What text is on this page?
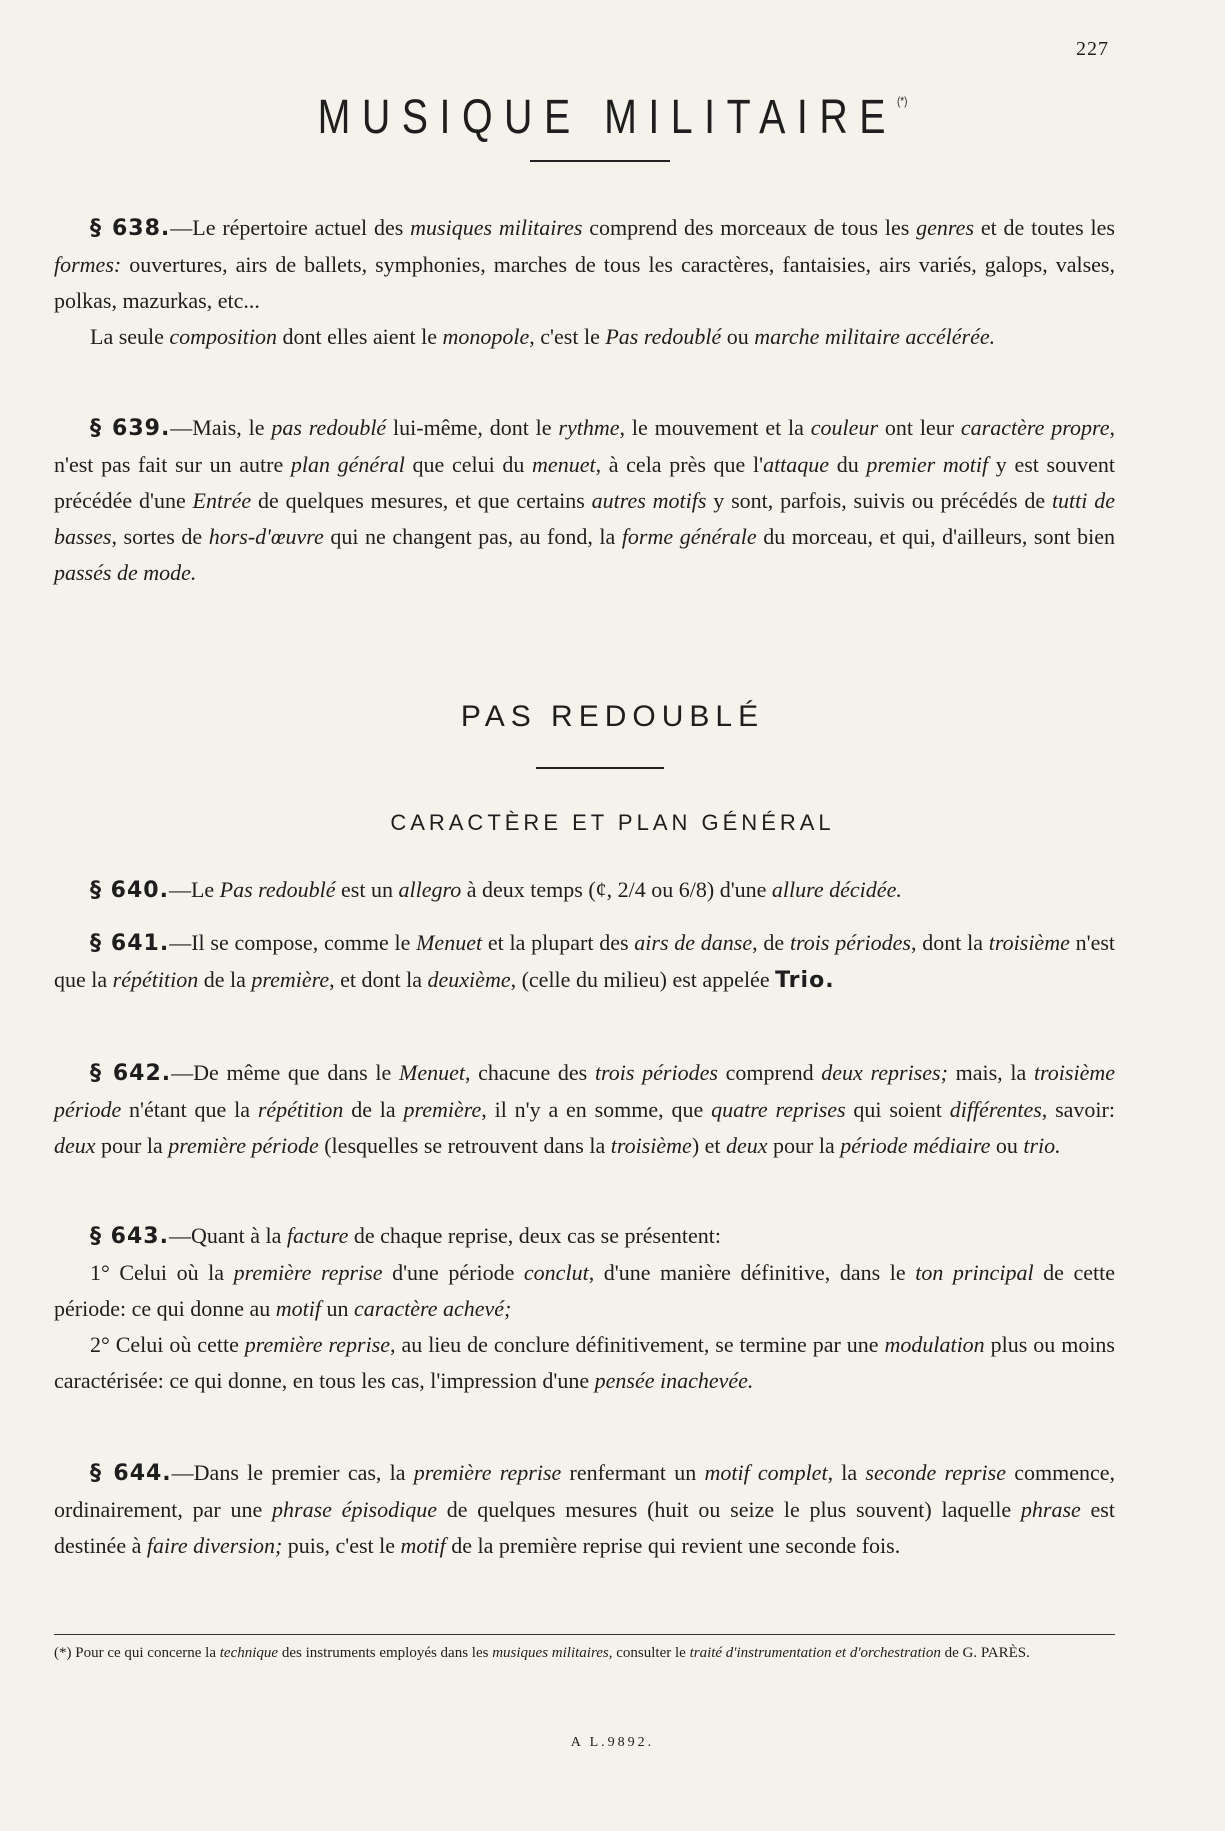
227
MUSIQUE MILITAIRE(*)
§ 638.—Le répertoire actuel des musiques militaires comprend des morceaux de tous les genres et de toutes les formes: ouvertures, airs de ballets, symphonies, marches de tous les caractères, fantaisies, airs variés, galops, valses, polkas, mazurkas, etc...
La seule composition dont elles aient le monopole, c'est le Pas redoublé ou marche militaire accélérée.
§ 639.—Mais, le pas redoublé lui-même, dont le rythme, le mouvement et la couleur ont leur caractère propre, n'est pas fait sur un autre plan général que celui du menuet, à cela près que l'attaque du premier motif y est souvent précédée d'une Entrée de quelques mesures, et que certains autres motifs y sont, parfois, suivis ou précédés de tutti de basses, sortes de hors-d'œuvre qui ne changent pas, au fond, la forme générale du morceau, et qui, d'ailleurs, sont bien passés de mode.
PAS REDOUBLÉ
CARACTÈRE ET PLAN GÉNÉRAL
§ 640.—Le Pas redoublé est un allegro à deux temps (¢, 2/4 ou 6/8) d'une allure décidée.
§ 641.—Il se compose, comme le Menuet et la plupart des airs de danse, de trois périodes, dont la troisième n'est que la répétition de la première, et dont la deuxième, (celle du milieu) est appelée Trio.
§ 642.—De même que dans le Menuet, chacune des trois périodes comprend deux reprises; mais, la troisième période n'étant que la répétition de la première, il n'y a en somme, que quatre reprises qui soient différentes, savoir: deux pour la première période (lesquelles se retrouvent dans la troisième) et deux pour la période médiaire ou trio.
§ 643.—Quant à la facture de chaque reprise, deux cas se présentent:
1° Celui où la première reprise d'une période conclut, d'une manière définitive, dans le ton principal de cette période: ce qui donne au motif un caractère achevé;
2° Celui où cette première reprise, au lieu de conclure définitivement, se termine par une modulation plus ou moins caractérisée: ce qui donne, en tous les cas, l'impression d'une pensée inachevée.
§ 644.—Dans le premier cas, la première reprise renfermant un motif complet, la seconde reprise commence, ordinairement, par une phrase épisodique de quelques mesures (huit ou seize le plus souvent) laquelle phrase est destinée à faire diversion; puis, c'est le motif de la première reprise qui revient une seconde fois.
(*) Pour ce qui concerne la technique des instruments employés dans les musiques militaires, consulter le traité d'instrumentation et d'orchestration de G. PARÈS.
A L.9892.
